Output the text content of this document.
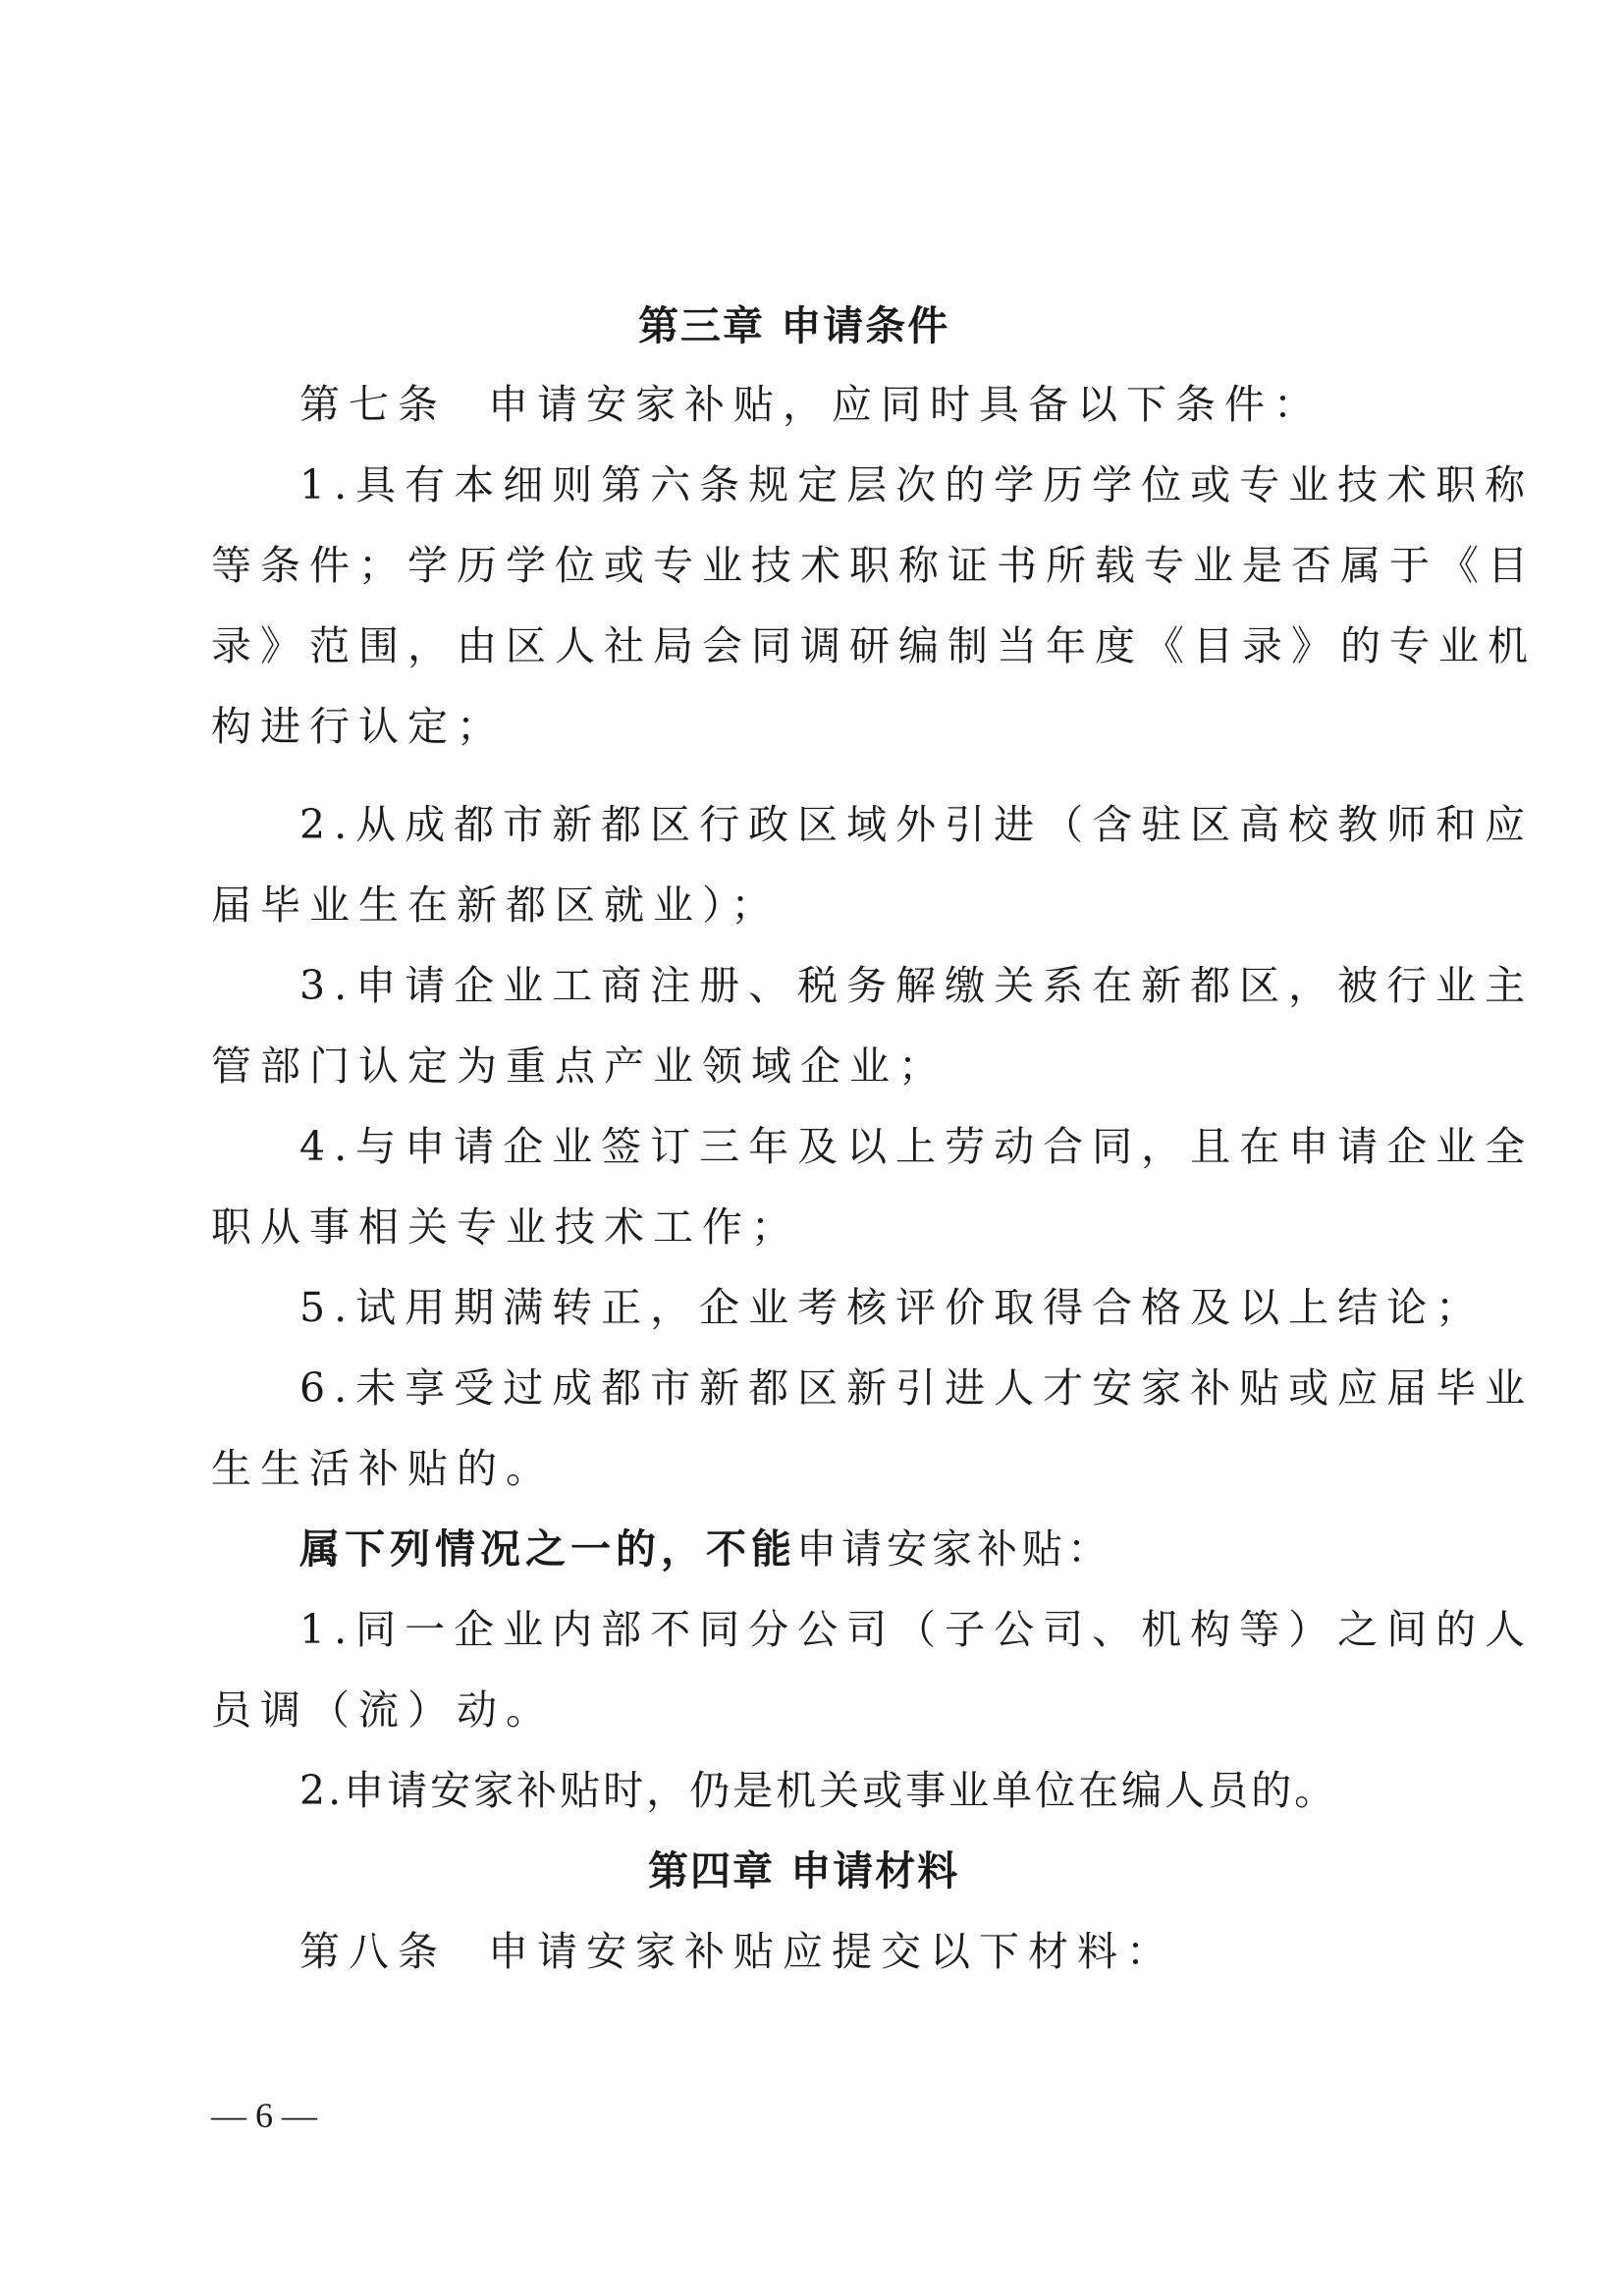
第三章 申请条件
第七条 申请安家补贴，应同时具备以下条件：
1.具有本细则第六条规定层次的学历学位或专业技术职称
等条件；学历学位或专业技术职称证书所载专业是否属于《目
录》范围，由区人社局会同调研编制当年度《目录》的专业机
构进行认定；
2.从成都市新都区行政区域外引进（含驻区高校教师和应
届毕业生在新都区就业）；
3.申请企业工商注册、税务解缴关系在新都区，被行业主
管部门认定为重点产业领域企业；
4.与申请企业签订三年及以上劳动合同，且在申请企业全
职从事相关专业技术工作；
5.试用期满转正，企业考核评价取得合格及以上结论；
6.未享受过成都市新都区新引进人才安家补贴或应届毕业
生生活补贴的。
属下列情况之一的，不能申请安家补贴：
1.同一企业内部不同分公司（子公司、机构等）之间的人
员调（流）动。
2.申请安家补贴时，仍是机关或事业单位在编人员的。
第四章 申请材料
第八条 申请安家补贴应提交以下材料：
— 6 —
